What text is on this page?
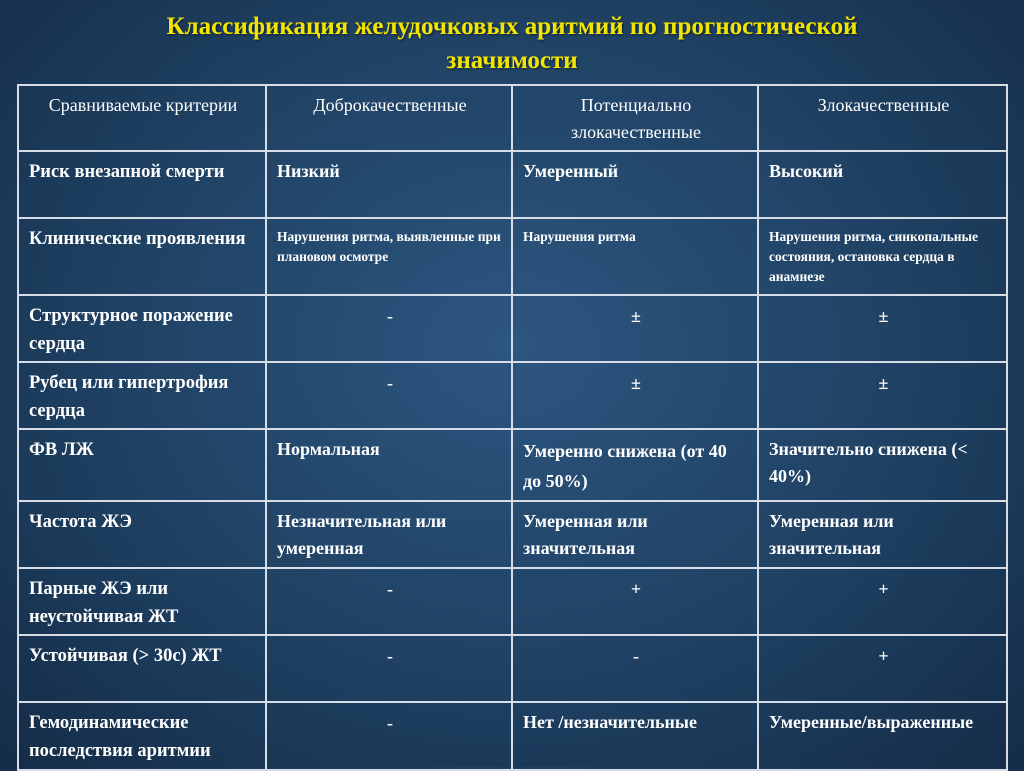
Классификация желудочковых аритмий по прогностической
значимости
Сравниваемые критерии	Доброкачественные	Потенциально злокачественные	Злокачественные
Риск внезапной смерти	Низкий	Умеренный	Высокий
Клинические проявления	Нарушения ритма, выявленные при плановом осмотре	Нарушения ритма	Нарушения ритма, синкопальные состояния, остановка сердца в анамнезе
Структурное поражение сердца	-	±	±
Рубец или гипертрофия сердца	-	±	±
ФВ ЛЖ	Нормальная	Умеренно снижена (от 40 до 50%)	Значительно снижена (< 40%)
Частота ЖЭ	Незначительная или умеренная	Умеренная или значительная	Умеренная или значительная
Парные ЖЭ или неустойчивая ЖТ	-	+	+
Устойчивая (> 30с) ЖТ	-	-	+
Гемодинамические последствия аритмии	-	Нет /незначительные	Умеренные/выраженные
